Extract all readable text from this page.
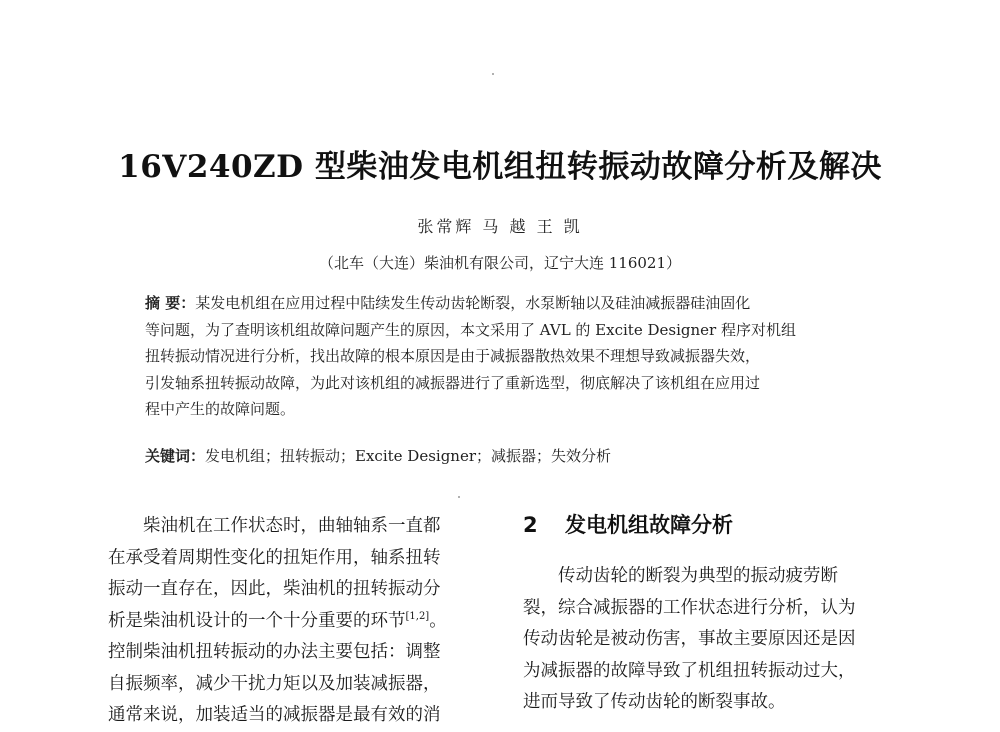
16V240ZD 型柴油发电机组扭转振动故障分析及解决
张常辉 马 越 王 凯
（北车（大连）柴油机有限公司，辽宁大连 116021）
摘 要：某发电机组在应用过程中陆续发生传动齿轮断裂，水泵断轴以及硅油减振器硅油固化
等问题，为了查明该机组故障问题产生的原因，本文采用了 AVL 的 Excite Designer 程序对机组
扭转振动情况进行分析，找出故障的根本原因是由于减振器散热效果不理想导致减振器失效，
引发轴系扭转振动故障，为此对该机组的减振器进行了重新选型，彻底解决了该机组在应用过
程中产生的故障问题。
关键词：发电机组；扭转振动；Excite Designer；减振器；失效分析
柴油机在工作状态时，曲轴轴系一直都
在承受着周期性变化的扭矩作用，轴系扭转
振动一直存在，因此，柴油机的扭转振动分
析是柴油机设计的一个十分重要的环节[1,2]。
控制柴油机扭转振动的办法主要包括：调整
自振频率，减少干扰力矩以及加装减振器，
通常来说，加装适当的减振器是最有效的消
2 发电机组故障分析
传动齿轮的断裂为典型的振动疲劳断
裂，综合减振器的工作状态进行分析，认为
传动齿轮是被动伤害，事故主要原因还是因
为减振器的故障导致了机组扭转振动过大，
进而导致了传动齿轮的断裂事故。
